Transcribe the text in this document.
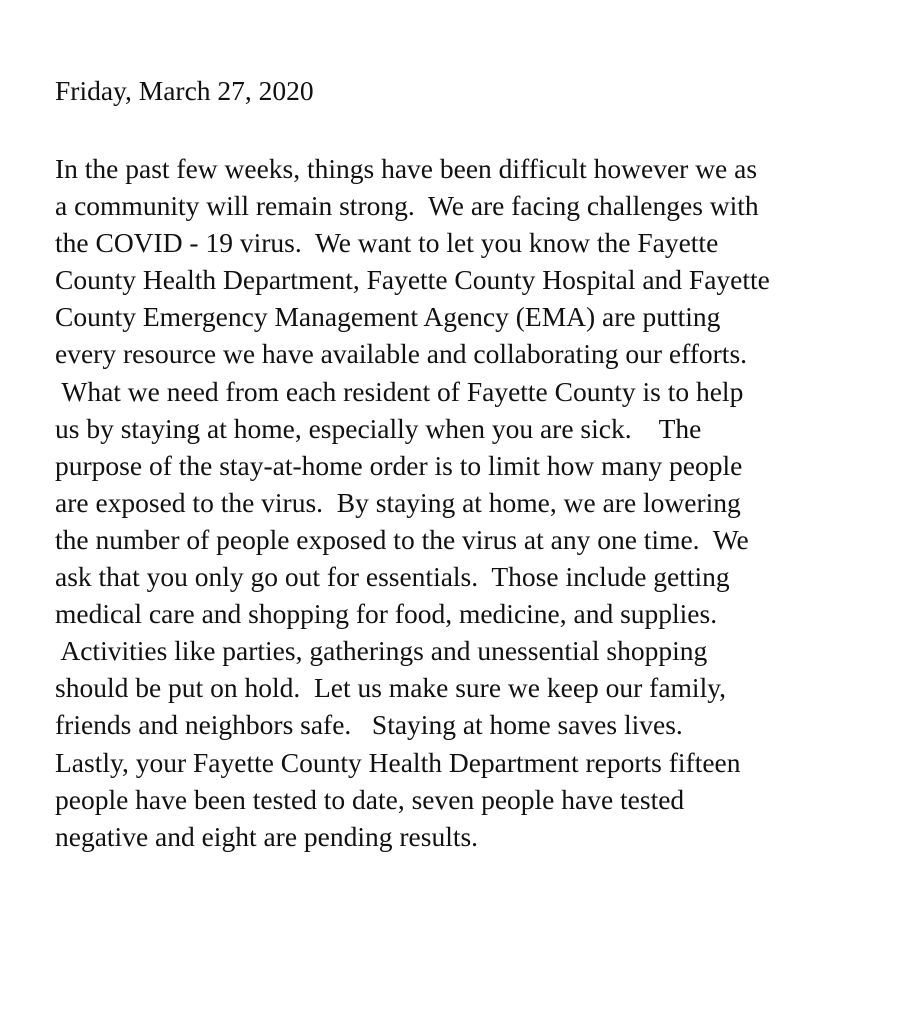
Friday, March 27, 2020
In the past few weeks, things have been difficult however we as
a community will remain strong.  We are facing challenges with
the COVID - 19 virus.  We want to let you know the Fayette
County Health Department, Fayette County Hospital and Fayette
County Emergency Management Agency (EMA) are putting
every resource we have available and collaborating our efforts.
What we need from each resident of Fayette County is to help
us by staying at home, especially when you are sick.    The
purpose of the stay-at-home order is to limit how many people
are exposed to the virus.  By staying at home, we are lowering
the number of people exposed to the virus at any one time.  We
ask that you only go out for essentials.  Those include getting
medical care and shopping for food, medicine, and supplies.
Activities like parties, gatherings and unessential shopping
should be put on hold.  Let us make sure we keep our family,
friends and neighbors safe.   Staying at home saves lives.
Lastly, your Fayette County Health Department reports fifteen
people have been tested to date, seven people have tested
negative and eight are pending results.
